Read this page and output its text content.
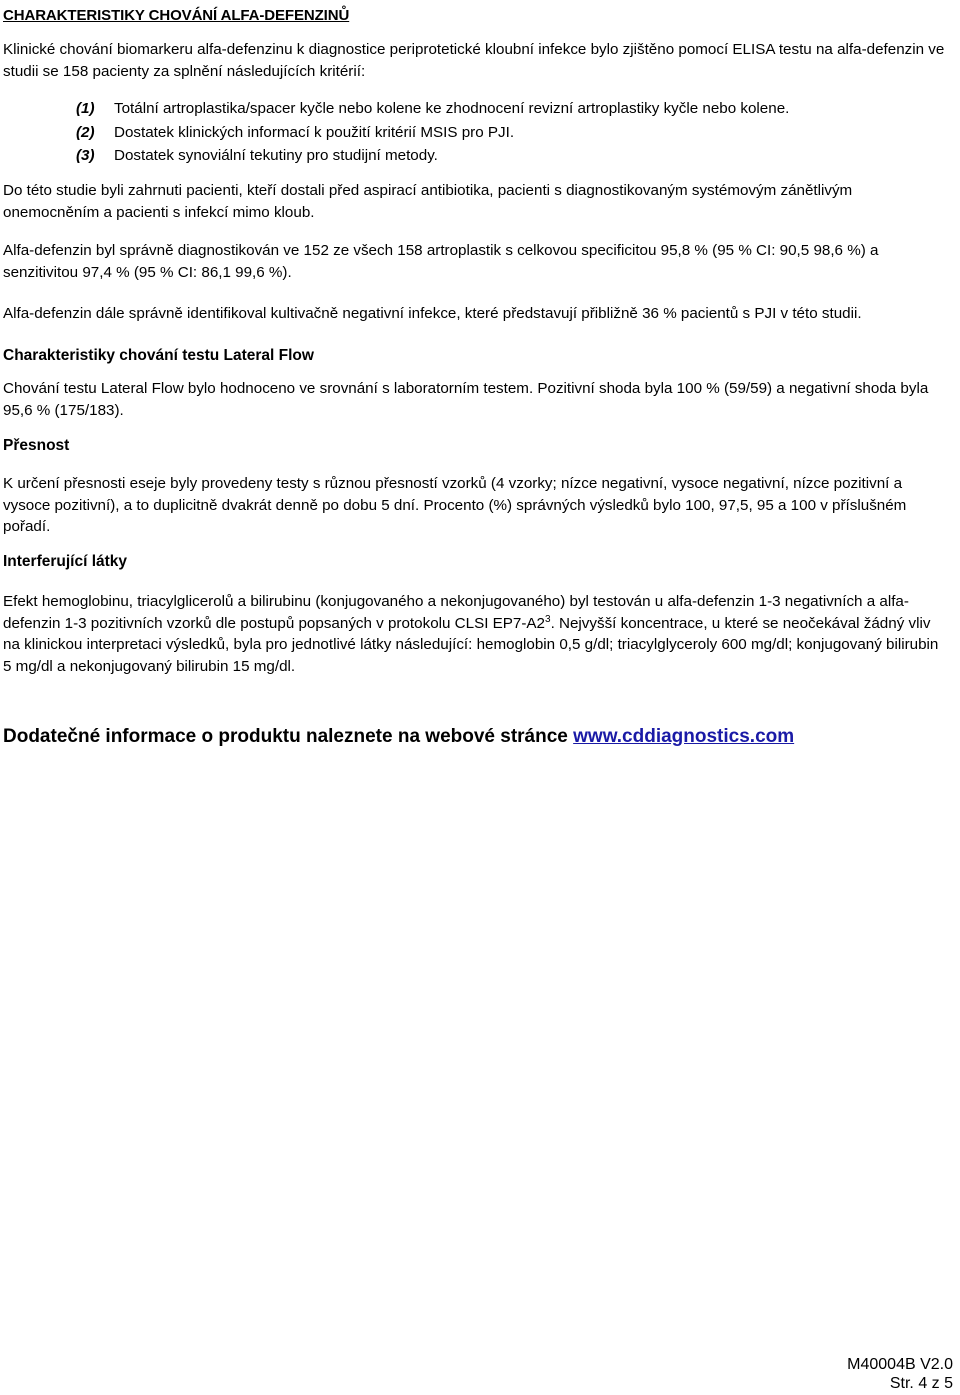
CHARAKTERISTIKY CHOVÁNÍ ALFA-DEFENZINŮ

Klinické chování biomarkeru alfa-defenzinu k diagnostice periprotetické kloubní infekce bylo zjištěno pomocí ELISA testu na alfa-defenzin ve studii se 158 pacienty za splnění následujících kritérií:

(1) Totální artroplastika/spacer kyčle nebo kolene ke zhodnocení revizní artroplastiky kyčle nebo kolene.

(2) Dostatek klinických informací k použití kritérií MSIS pro PJI.

(3) Dostatek synoviální tekutiny pro studijní metody.

Do této studie byli zahrnuti pacienti, kteří dostali před aspirací antibiotika, pacienti s diagnostikovaným systémovým zánětlivým onemocněním a pacienti s infekcí mimo kloub.

Alfa-defenzin byl správně diagnostikován ve 152 ze všech 158 artroplastik s celkovou specificitou 95,8 % (95 % CI: 90,5 98,6 %) a senzitivitou 97,4 % (95 % CI: 86,1 99,6 %).

Alfa-defenzin dále správně identifikoval kultivačně negativní infekce, které představují přibližně 36 % pacientů s PJI v této studii.

Charakteristiky chování testu Lateral Flow

Chování testu Lateral Flow bylo hodnoceno ve srovnání s laboratorním testem. Pozitivní shoda byla 100 % (59/59) a negativní shoda byla 95,6 % (175/183).

Přesnost

K určení přesnosti eseje byly provedeny testy s různou přesností vzorků (4 vzorky; nízce negativní, vysoce negativní, nízce pozitivní a vysoce pozitivní), a to duplicitně dvakrát denně po dobu 5 dní. Procento (%) správných výsledků bylo 100, 97,5, 95 a 100 v příslušném pořadí.

Interferující látky

Efekt hemoglobinu, triacylglicerolů a bilirubinu (konjugovaného a nekonjugovaného) byl testován u alfa-defenzin 1-3 negativních a alfa-defenzin 1-3 pozitivních vzorků dle postupů popsaných v protokolu CLSI $EP7-A2^3$. Nejvyšší koncentrace, u které se neočekával žádný vliv na klinickou interpretaci výsledků, byla pro jednotlivé látky následující: hemoglobin 0,5 g/dl; triacylglyceroly 600 mg/dl; konjugovaný bilirubin 5 mg/dl a nekonjugovaný bilirubin 15 mg/dl.

Dodatečné informace o produktu naleznete na webové stránce www.cddiagnostics.com

M40004B V2.0
Str. 4 z 5
